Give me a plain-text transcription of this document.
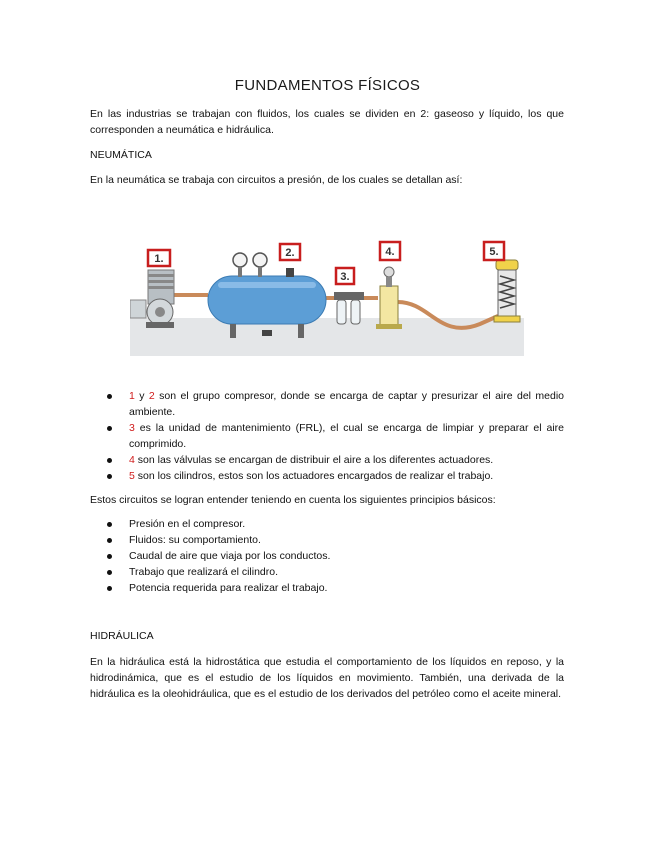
FUNDAMENTOS FÍSICOS

En las industrias se trabajan con fluidos, los cuales se dividen en 2: gaseoso y líquido, los que corresponden a neumática e hidráulica.

NEUMÁTICA

En la neumática se trabaja con circuitos a presión, de los cuales se detallan así:

1.	2.
3.
4.	5.
1 y 2 son el grupo compresor, donde se encarga de captar y presurizar el aire del medio ambiente.
3 es la unidad de mantenimiento (FRL), el cual se encarga de limpiar y preparar el aire comprimido.
4 son las válvulas se encargan de distribuir el aire a los diferentes actuadores.
5 son los cilindros, estos son los actuadores encargados de realizar el trabajo.

Estos circuitos se logran entender teniendo en cuenta los siguientes principios básicos:

Presión en el compresor.
Fluidos: su comportamiento.
Caudal de aire que viaja por los conductos.
Trabajo que realizará el cilindro.
Potencia requerida para realizar el trabajo.

HIDRÁULICA

En la hidráulica está la hidrostática que estudia el comportamiento de los líquidos en reposo, y la hidrodinámica, que es el estudio de los líquidos en movimiento. También, una derivada de la hidráulica es la oleohidráulica, que es el estudio de los derivados del petróleo como el aceite mineral.
